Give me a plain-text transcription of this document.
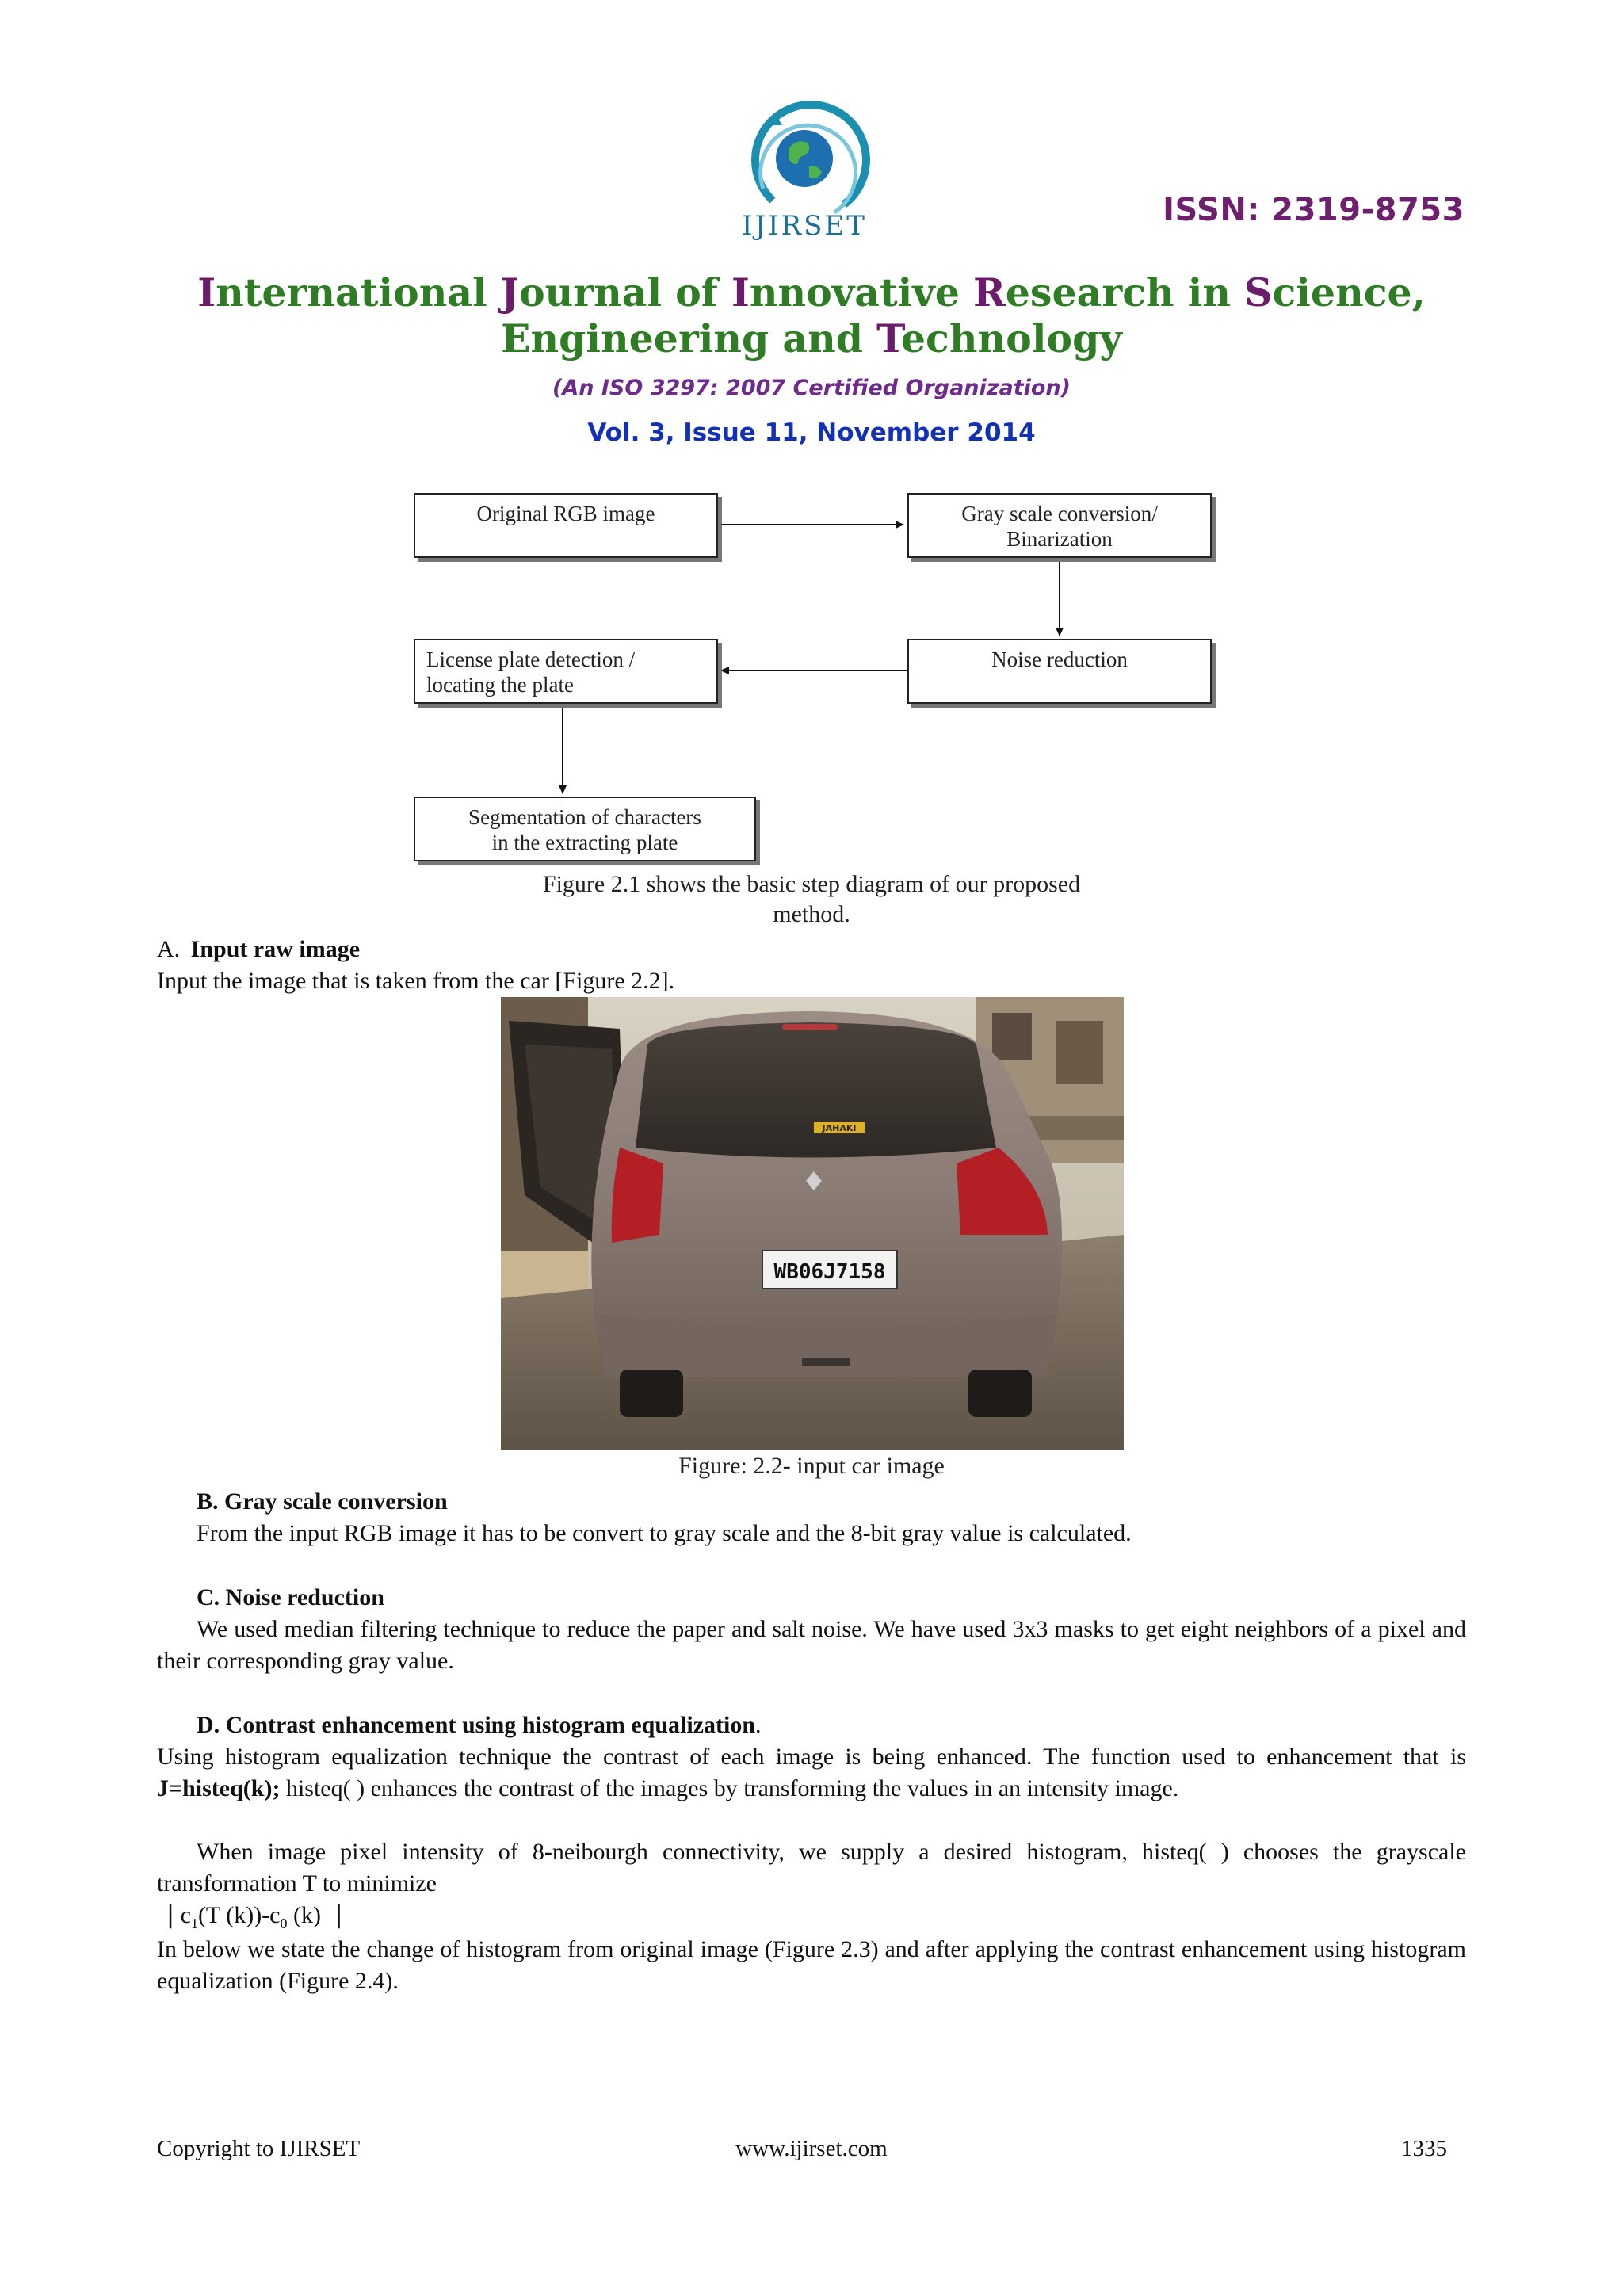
IJIRSET	ISSN: 2319-8753
International Journal of Innovative Research in Science,
Engineering and Technology
(An ISO 3297: 2007 Certified Organization)
Vol. 3, Issue 11, November 2014
Original RGB image	Gray scale conversion/
Binarization
Noise reduction
License plate detection /
locating the plate
Segmentation of characters
in the extracting plate
Figure 2.1 shows the basic step diagram of our proposed
method.
A. Input raw image
Input the image that is taken from the car [Figure 2.2].
JAHAKI
WB06J7158
Figure: 2.2- input car image
B. Gray scale conversion
From the input RGB image it has to be convert to gray scale and the 8-bit gray value is calculated.
C. Noise reduction
We used median filtering technique to reduce the paper and salt noise. We have used 3x3 masks to get eight neighbors of a pixel and their corresponding gray value.
D. Contrast enhancement using histogram equalization.
Using histogram equalization technique the contrast of each image is being enhanced. The function used to enhancement that is J=histeq(k); histeq( ) enhances the contrast of the images by transforming the values in an intensity image.
When image pixel intensity of 8-neibourgh connectivity, we supply a desired histogram, histeq( ) chooses the grayscale transformation T to minimize
| $c_1(T$ $(k))-c_0$ (k) |
In below we state the change of histogram from original image (Figure 2.3) and after applying the contrast enhancement using histogram equalization (Figure 2.4).
Copyright to IJIRSET	www.ijirset.com	1335
